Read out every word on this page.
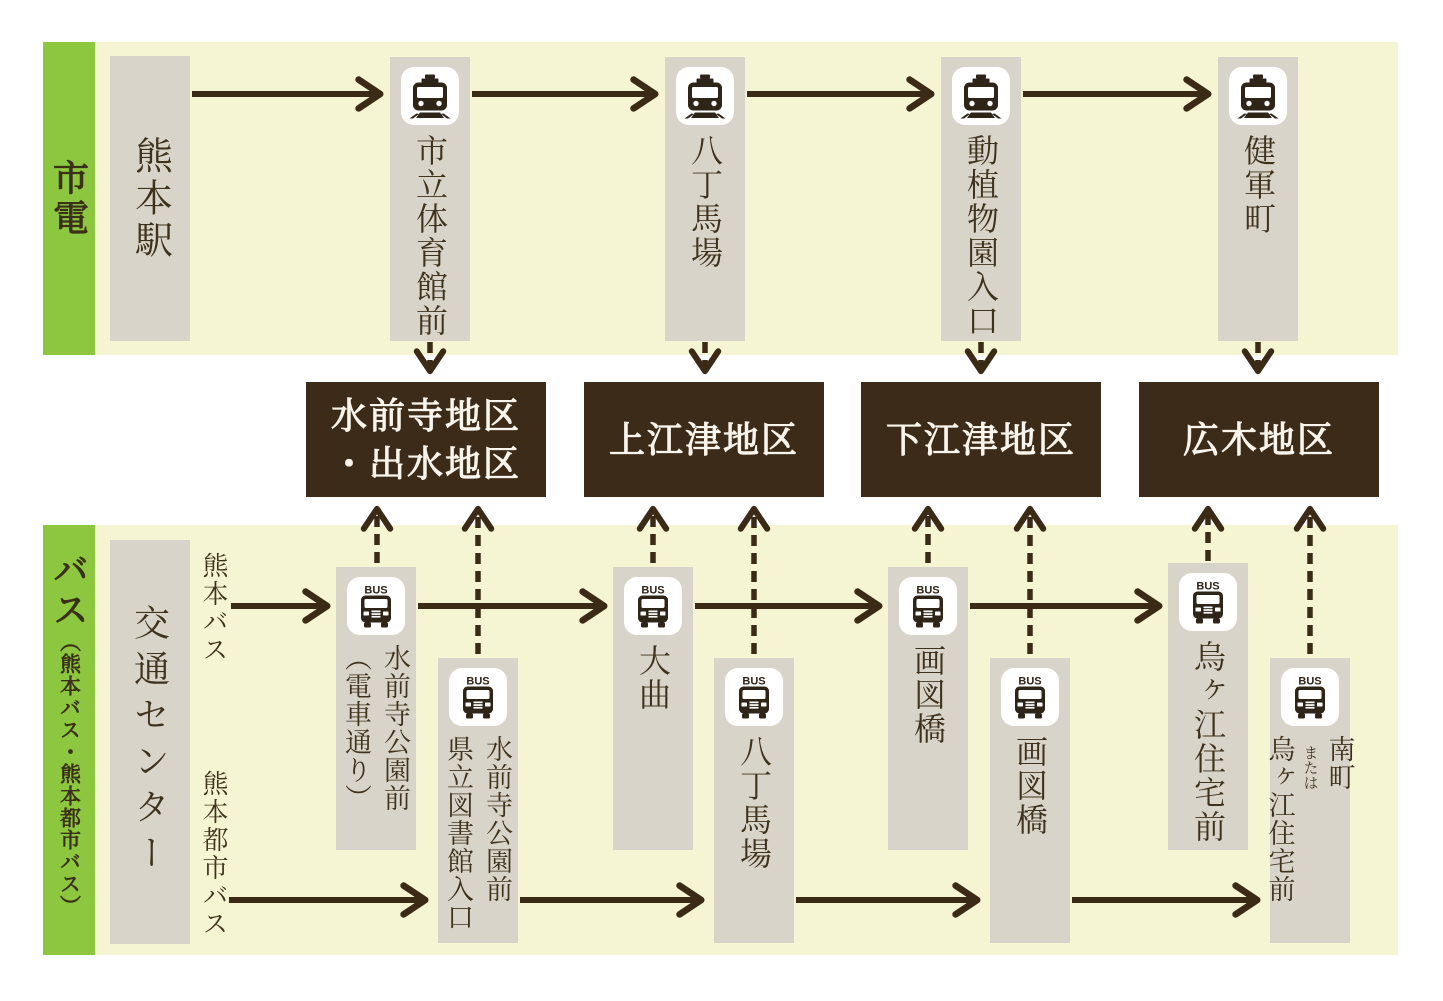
市電 熊本駅	市立体育館前	八丁馬場	動植物園入口	健軍町
水前寺地区
・出水地区
上江津地区 下江津地区	広木地区
バス（熊本バス・熊本都市バス）	交通センター 熊本バス
熊本都市バス
水前寺公園前
（電車通り）	大曲	画図橋	烏ヶ江住宅前
水前寺公園前
県立図書館入口	八丁馬場	画図橋	南町
または
烏ヶ江住宅前
